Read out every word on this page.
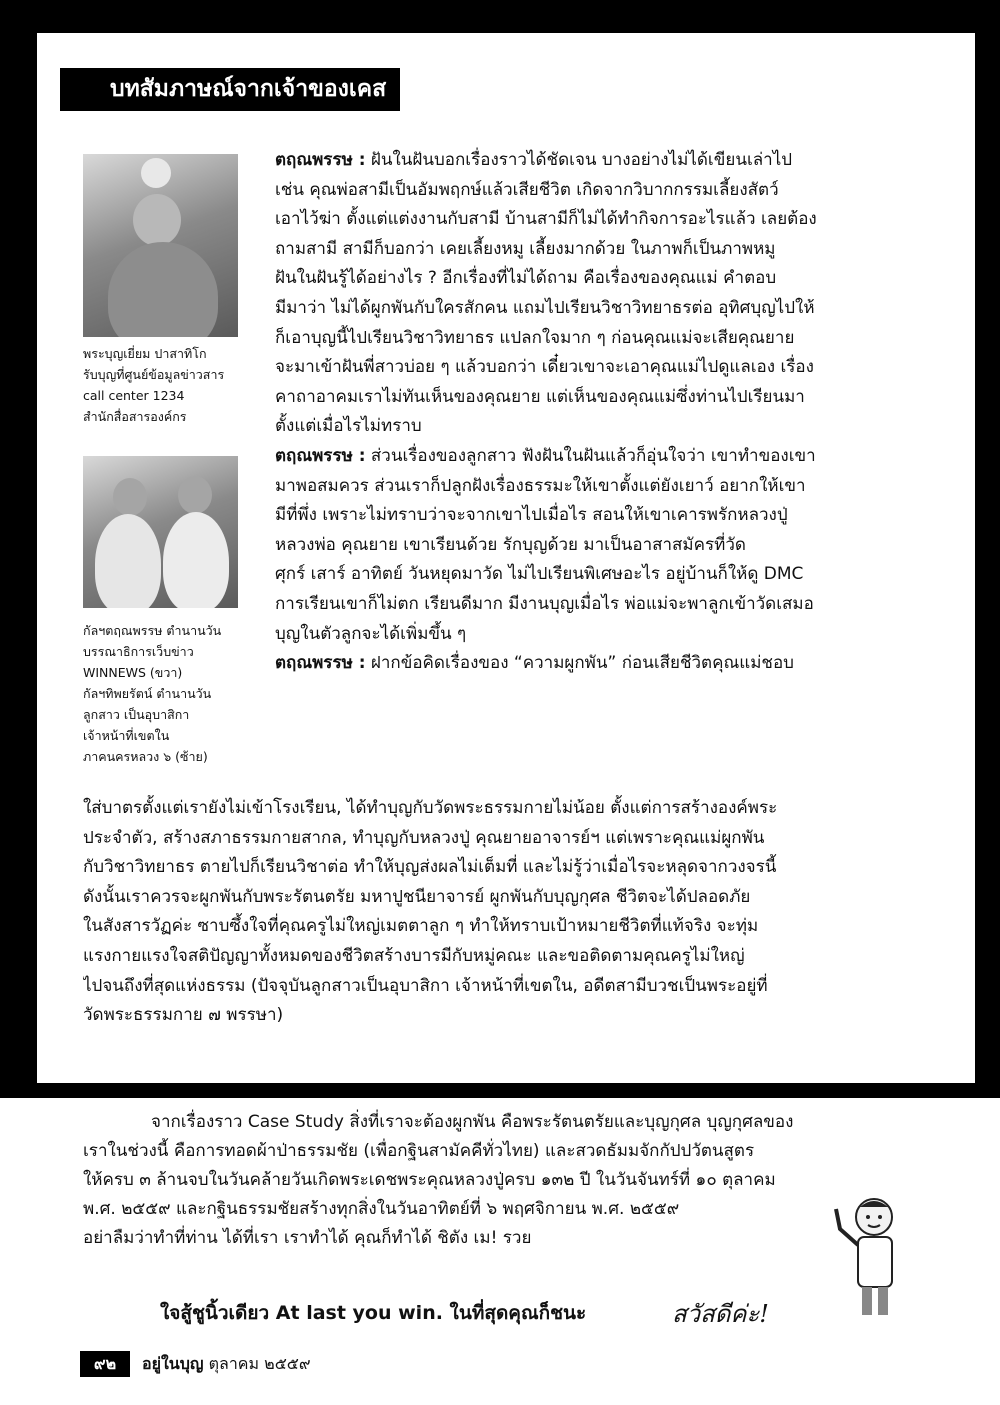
บทสัมภาษณ์จากเจ้าของเคส
พระบุญเยี่ยม ปาสาทิโก
รับบุญที่ศูนย์ข้อมูลข่าวสาร
call center 1234
สำนักสื่อสารองค์กร
กัลฯตฤณพรรษ ตำนานวัน
บรรณาธิการเว็บข่าว
WINNEWS (ขวา)
กัลฯทิพยรัตน์ ตำนานวัน
ลูกสาว เป็นอุบาสิกา
เจ้าหน้าที่เขตใน
ภาคนครหลวง ๖ (ซ้าย)
ตฤณพรรษ : ฝันในฝันบอกเรื่องราวได้ชัดเจน บางอย่างไม่ได้เขียนเล่าไป
เช่น คุณพ่อสามีเป็นอัมพฤกษ์แล้วเสียชีวิต เกิดจากวิบากกรรมเลี้ยงสัตว์
เอาไว้ฆ่า ตั้งแต่แต่งงานกับสามี บ้านสามีก็ไม่ได้ทำกิจการอะไรแล้ว เลยต้อง
ถามสามี สามีก็บอกว่า เคยเลี้ยงหมู เลี้ยงมากด้วย ในภาพก็เป็นภาพหมู
ฝันในฝันรู้ได้อย่างไร ? อีกเรื่องที่ไม่ได้ถาม คือเรื่องของคุณแม่ คำตอบ
มีมาว่า ไม่ได้ผูกพันกับใครสักคน แถมไปเรียนวิชาวิทยาธรต่อ อุทิศบุญไปให้
ก็เอาบุญนี้ไปเรียนวิชาวิทยาธร แปลกใจมาก ๆ ก่อนคุณแม่จะเสียคุณยาย
จะมาเข้าฝันพี่สาวบ่อย ๆ แล้วบอกว่า เดี๋ยวเขาจะเอาคุณแม่ไปดูแลเอง เรื่อง
คาถาอาคมเราไม่ทันเห็นของคุณยาย แต่เห็นของคุณแม่ซึ่งท่านไปเรียนมา
ตั้งแต่เมื่อไรไม่ทราบ
ตฤณพรรษ : ส่วนเรื่องของลูกสาว ฟังฝันในฝันแล้วก็อุ่นใจว่า เขาทำของเขา
มาพอสมควร ส่วนเราก็ปลูกฝังเรื่องธรรมะให้เขาตั้งแต่ยังเยาว์ อยากให้เขา
มีที่พึ่ง เพราะไม่ทราบว่าจะจากเขาไปเมื่อไร สอนให้เขาเคารพรักหลวงปู่
หลวงพ่อ คุณยาย เขาเรียนด้วย รักบุญด้วย มาเป็นอาสาสมัครที่วัด
ศุกร์ เสาร์ อาทิตย์ วันหยุดมาวัด ไม่ไปเรียนพิเศษอะไร อยู่บ้านก็ให้ดู DMC
การเรียนเขาก็ไม่ตก เรียนดีมาก มีงานบุญเมื่อไร พ่อแม่จะพาลูกเข้าวัดเสมอ
บุญในตัวลูกจะได้เพิ่มขึ้น ๆ
ตฤณพรรษ : ฝากข้อคิดเรื่องของ “ความผูกพัน” ก่อนเสียชีวิตคุณแม่ชอบ
ใส่บาตรตั้งแต่เรายังไม่เข้าโรงเรียน, ได้ทำบุญกับวัดพระธรรมกายไม่น้อย ตั้งแต่การสร้างองค์พระ
ประจำตัว, สร้างสภาธรรมกายสากล, ทำบุญกับหลวงปู่ คุณยายอาจารย์ฯ แต่เพราะคุณแม่ผูกพัน
กับวิชาวิทยาธร ตายไปก็เรียนวิชาต่อ ทำให้บุญส่งผลไม่เต็มที่ และไม่รู้ว่าเมื่อไรจะหลุดจากวงจรนี้
ดังนั้นเราควรจะผูกพันกับพระรัตนตรัย มหาปูชนียาจารย์ ผูกพันกับบุญกุศล ชีวิตจะได้ปลอดภัย
ในสังสารวัฏค่ะ ซาบซึ้งใจที่คุณครูไม่ใหญ่เมตตาลูก ๆ ทำให้ทราบเป้าหมายชีวิตที่แท้จริง จะทุ่ม
แรงกายแรงใจสติปัญญาทั้งหมดของชีวิตสร้างบารมีกับหมู่คณะ และขอติดตามคุณครูไม่ใหญ่
ไปจนถึงที่สุดแห่งธรรม (ปัจจุบันลูกสาวเป็นอุบาสิกา เจ้าหน้าที่เขตใน, อดีตสามีบวชเป็นพระอยู่ที่
วัดพระธรรมกาย ๗ พรรษา)
จากเรื่องราว Case Study สิ่งที่เราจะต้องผูกพัน คือพระรัตนตรัยและบุญกุศล บุญกุศลของ
เราในช่วงนี้ คือการทอดผ้าป่าธรรมชัย (เพื่อกฐินสามัคคีทั่วไทย) และสวดธัมมจักกัปปวัตนสูตร
ให้ครบ ๓ ล้านจบในวันคล้ายวันเกิดพระเดชพระคุณหลวงปู่ครบ ๑๓๒ ปี ในวันจันทร์ที่ ๑๐ ตุลาคม
พ.ศ. ๒๕๕๙ และกฐินธรรมชัยสร้างทุกสิ่งในวันอาทิตย์ที่ ๖ พฤศจิกายน พ.ศ. ๒๕๕๙
อย่าลืมว่าทำที่ท่าน ได้ที่เรา เราทำได้ คุณก็ทำได้ ชิตัง เม! รวย
ใจสู้ชูนิ้วเดียว At last you win. ในที่สุดคุณก็ชนะ	สวัสดีค่ะ!
๙๒	อยู่ในบุญ ตุลาคม ๒๕๕๙
